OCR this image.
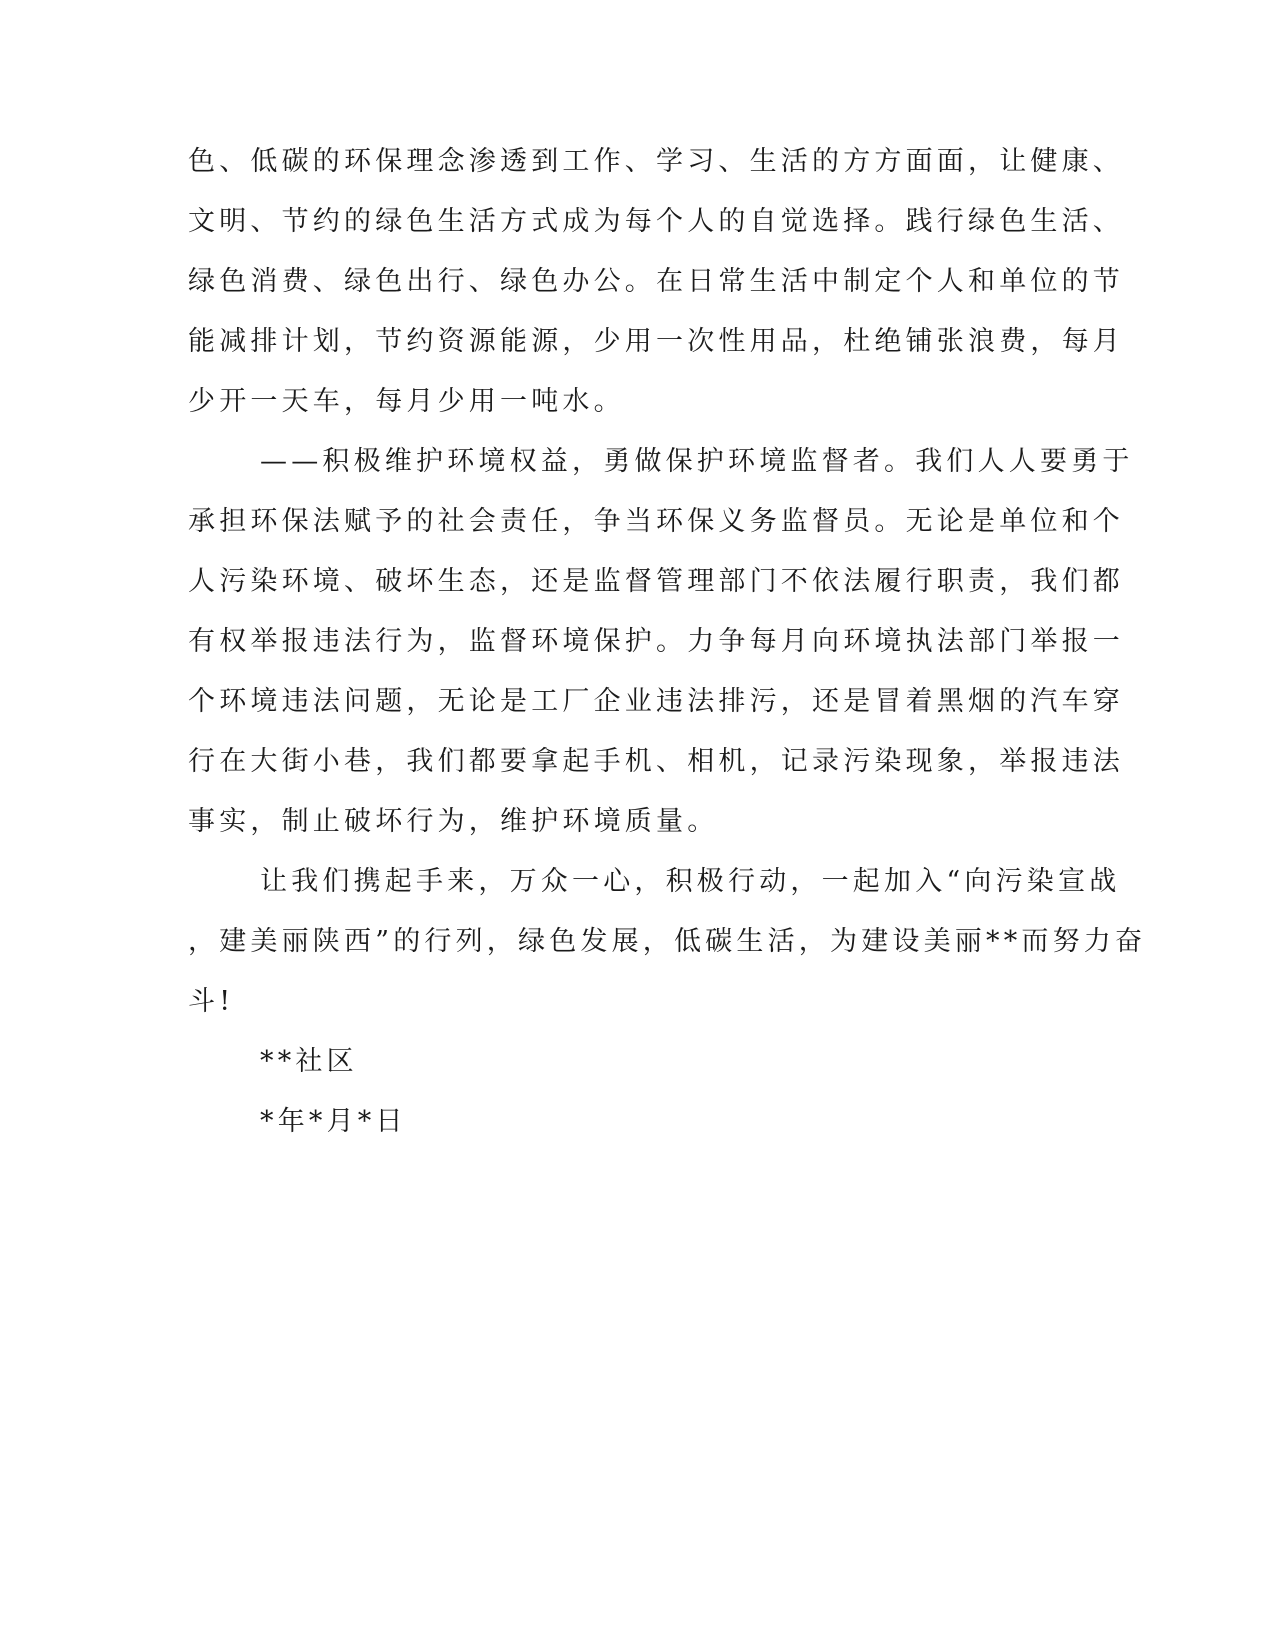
色、低碳的环保理念渗透到工作、学习、生活的方方面面，让健康、
文明、节约的绿色生活方式成为每个人的自觉选择。践行绿色生活、
绿色消费、绿色出行、绿色办公。在日常生活中制定个人和单位的节
能减排计划，节约资源能源，少用一次性用品，杜绝铺张浪费，每月
少开一天车，每月少用一吨水。
——积极维护环境权益，勇做保护环境监督者。我们人人要勇于
承担环保法赋予的社会责任，争当环保义务监督员。无论是单位和个
人污染环境、破坏生态，还是监督管理部门不依法履行职责，我们都
有权举报违法行为，监督环境保护。力争每月向环境执法部门举报一
个环境违法问题，无论是工厂企业违法排污，还是冒着黑烟的汽车穿
行在大街小巷，我们都要拿起手机、相机，记录污染现象，举报违法
事实，制止破坏行为，维护环境质量。
让我们携起手来，万众一心，积极行动，一起加入“向污染宣战
，建美丽陕西”的行列，绿色发展，低碳生活，为建设美丽**而努力奋
斗!
**社区
*年*月*日
